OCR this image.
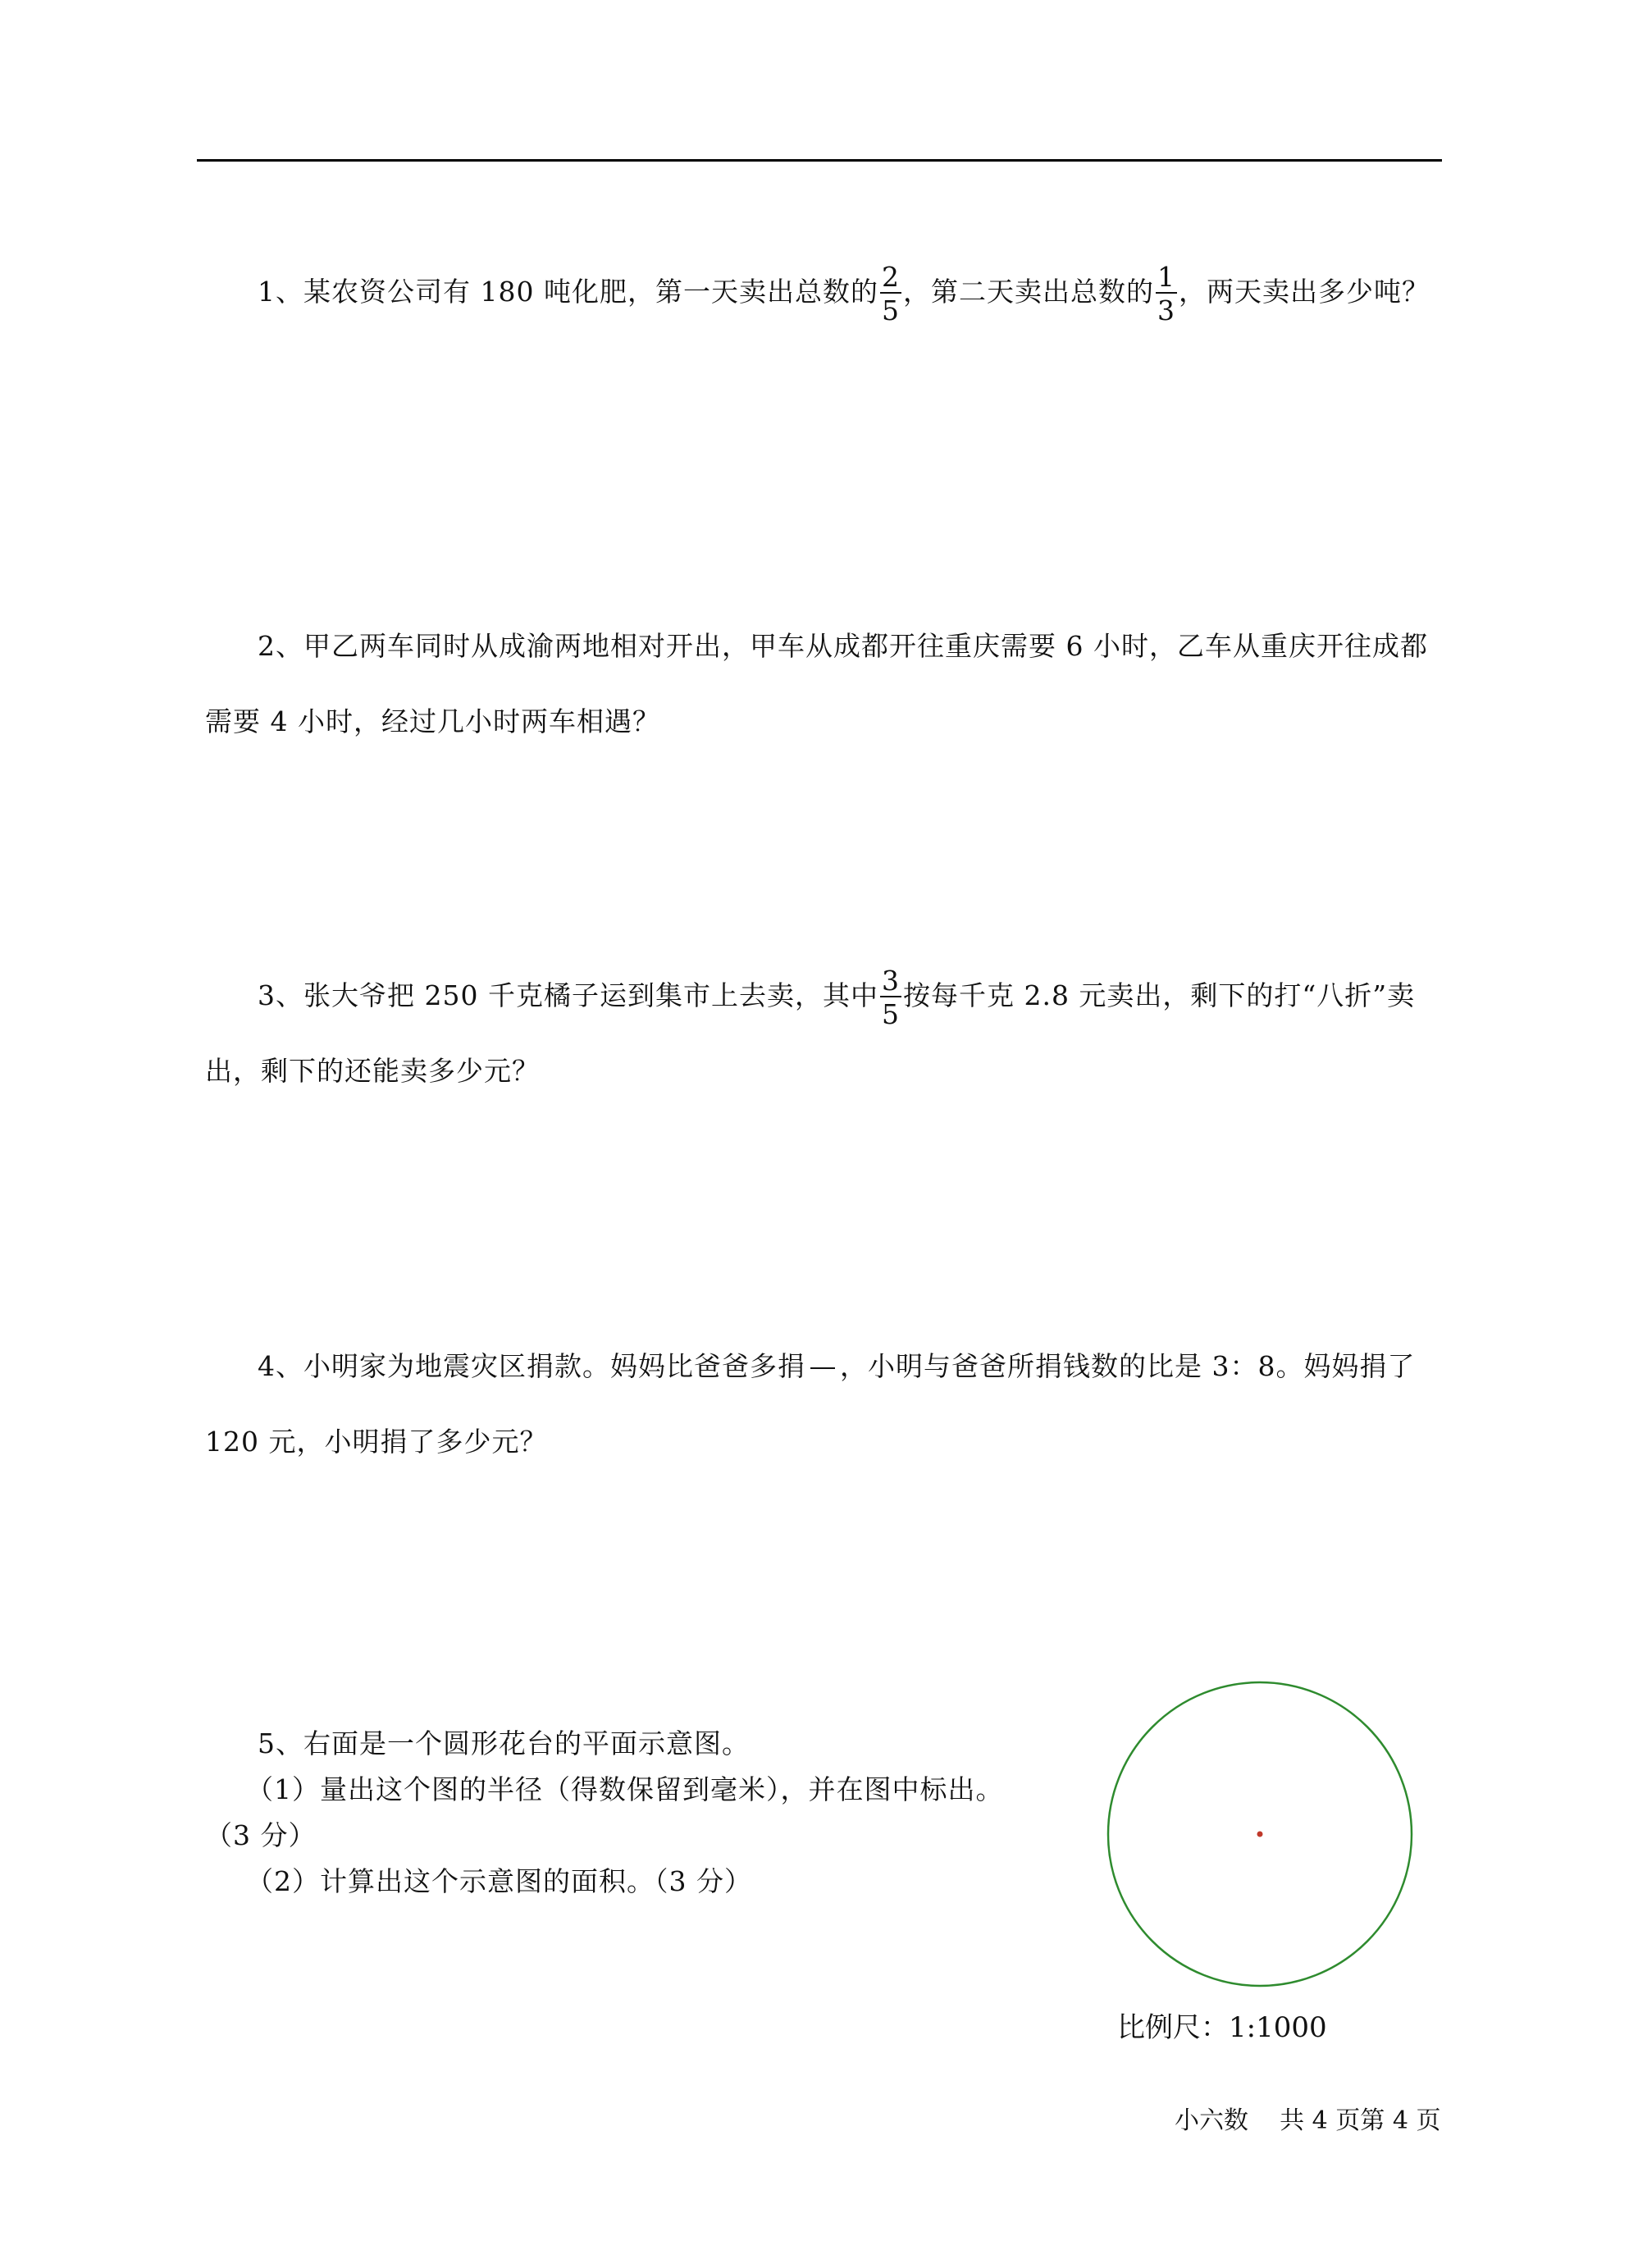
1、某农资公司有 180 吨化肥，第一天卖出总数的 $\frac{2}{5}$ ，第二天卖出总数的 $\frac{1}{3}$ ，两天卖出多少吨？
2、甲乙两车同时从成渝两地相对开出，甲车从成都开往重庆需要 6 小时，乙车从重庆开往成都需要 4 小时，经过几小时两车相遇？
3、张大爷把 250 千克橘子运到集市上去卖，其中 $\frac{3}{5}$ 按每千克 2.8 元卖出，剩下的打“八折”卖出，剩下的还能卖多少元？
4、小明家为地震灾区捐款。妈妈比爸爸多捐 ，小明与爸爸所捐钱数的比是 3：8。妈妈捐了 120 元，小明捐了多少元？
5、右面是一个圆形花台的平面示意图。
（1）量出这个图的半径（得数保留到毫米），并在图中标出。
（3 分）
（2）计算出这个示意图的面积。（3 分）
比例尺：1:1000
小六数    共 4 页第 4 页
